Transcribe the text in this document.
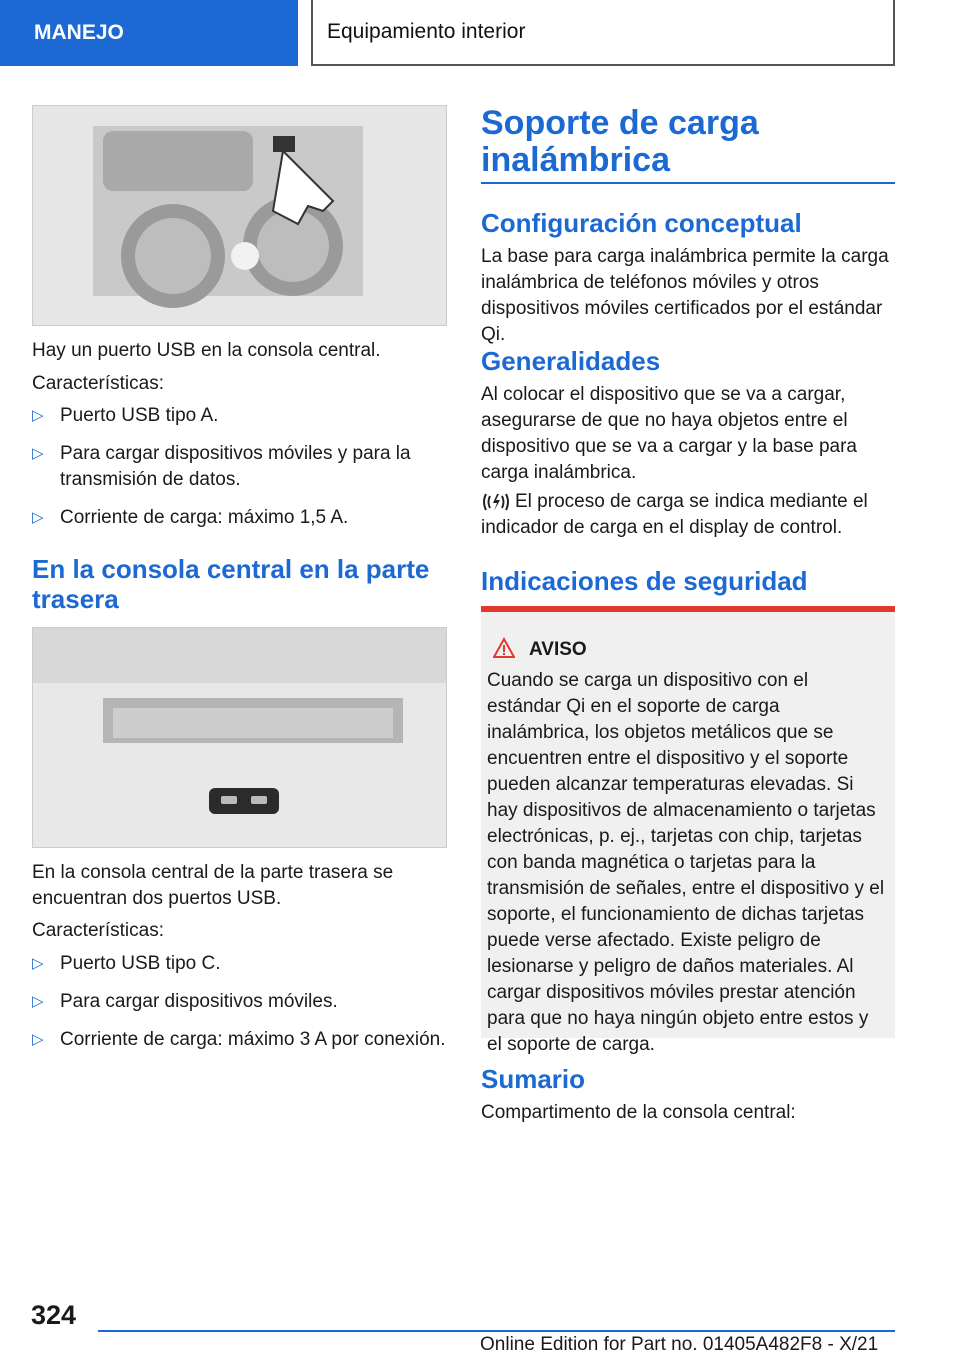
MANEJO	Equipamiento interior

Hay un puerto USB en la consola central.

Características:

▷ Puerto USB tipo A.
▷ Para cargar dispositivos móviles y para la transmisión de datos.
▷ Corriente de carga: máximo 1,5 A.
En la consola central en la parte trasera

En la consola central de la parte trasera se encuentran dos puertos USB.

Características:

▷ Puerto USB tipo C.
▷ Para cargar dispositivos móviles.
▷ Corriente de carga: máximo 3 A por conexión.
Soporte de carga inalámbrica
Configuración conceptual

La base para carga inalámbrica permite la carga inalámbrica de teléfonos móviles y otros dispositivos móviles certificados por el estándar Qi.

Generalidades

Al colocar el dispositivo que se va a cargar, asegurarse de que no haya objetos entre el dispositivo que se va a cargar y la base para carga inalámbrica.

El proceso de carga se indica mediante el indicador de carga en el display de control.

Indicaciones de seguridad
AVISO

Cuando se carga un dispositivo con el estándar Qi en el soporte de carga inalámbrica, los objetos metálicos que se encuentren entre el dispositivo y el soporte pueden alcanzar temperaturas elevadas. Si hay dispositivos de almacenamiento o tarjetas electrónicas, p. ej., tarjetas con chip, tarjetas con banda magnética o tarjetas para la transmisión de señales, entre el dispositivo y el soporte, el funcionamiento de dichas tarjetas puede verse afectado. Existe peligro de lesionarse y peligro de daños materiales. Al cargar dispositivos móviles prestar atención para que no haya ningún objeto entre estos y el soporte de carga.

Sumario

Compartimento de la consola central:

324
Online Edition for Part no. 01405A482F8 - X/21
